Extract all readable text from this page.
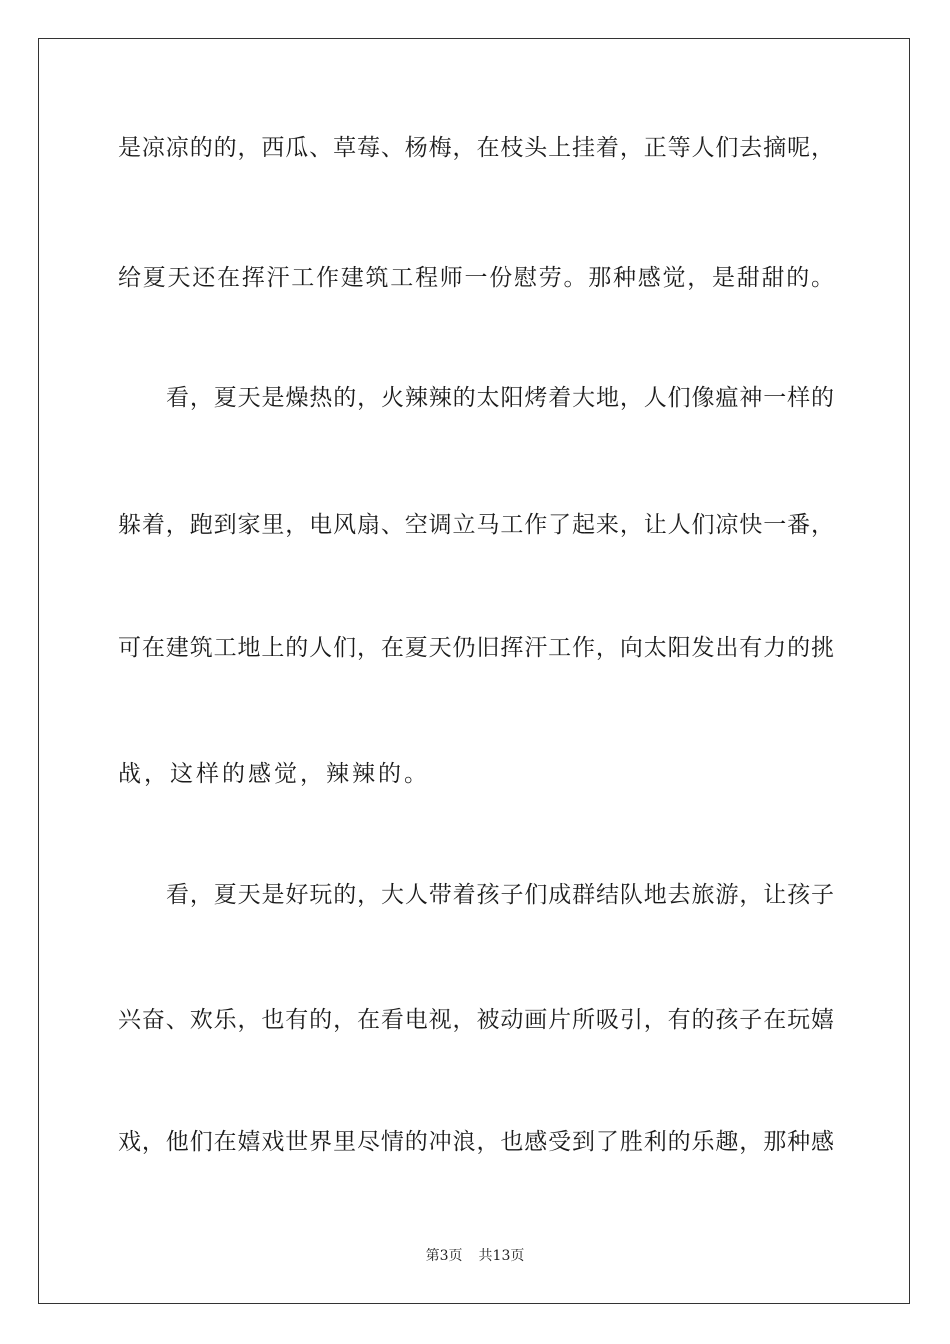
是凉凉的的，西瓜、草莓、杨梅，在枝头上挂着，正等人们去摘呢，
给夏天还在挥汗工作建筑工程师一份慰劳。那种感觉，是甜甜的。
看，夏天是燥热的，火辣辣的太阳烤着大地，人们像瘟神一样的
躲着，跑到家里，电风扇、空调立马工作了起来，让人们凉快一番，
可在建筑工地上的人们，在夏天仍旧挥汗工作，向太阳发出有力的挑
战，这样的感觉，辣辣的。
看，夏天是好玩的，大人带着孩子们成群结队地去旅游，让孩子
兴奋、欢乐，也有的，在看电视，被动画片所吸引，有的孩子在玩嬉
戏，他们在嬉戏世界里尽情的冲浪，也感受到了胜利的乐趣，那种感
第3页 共13页
